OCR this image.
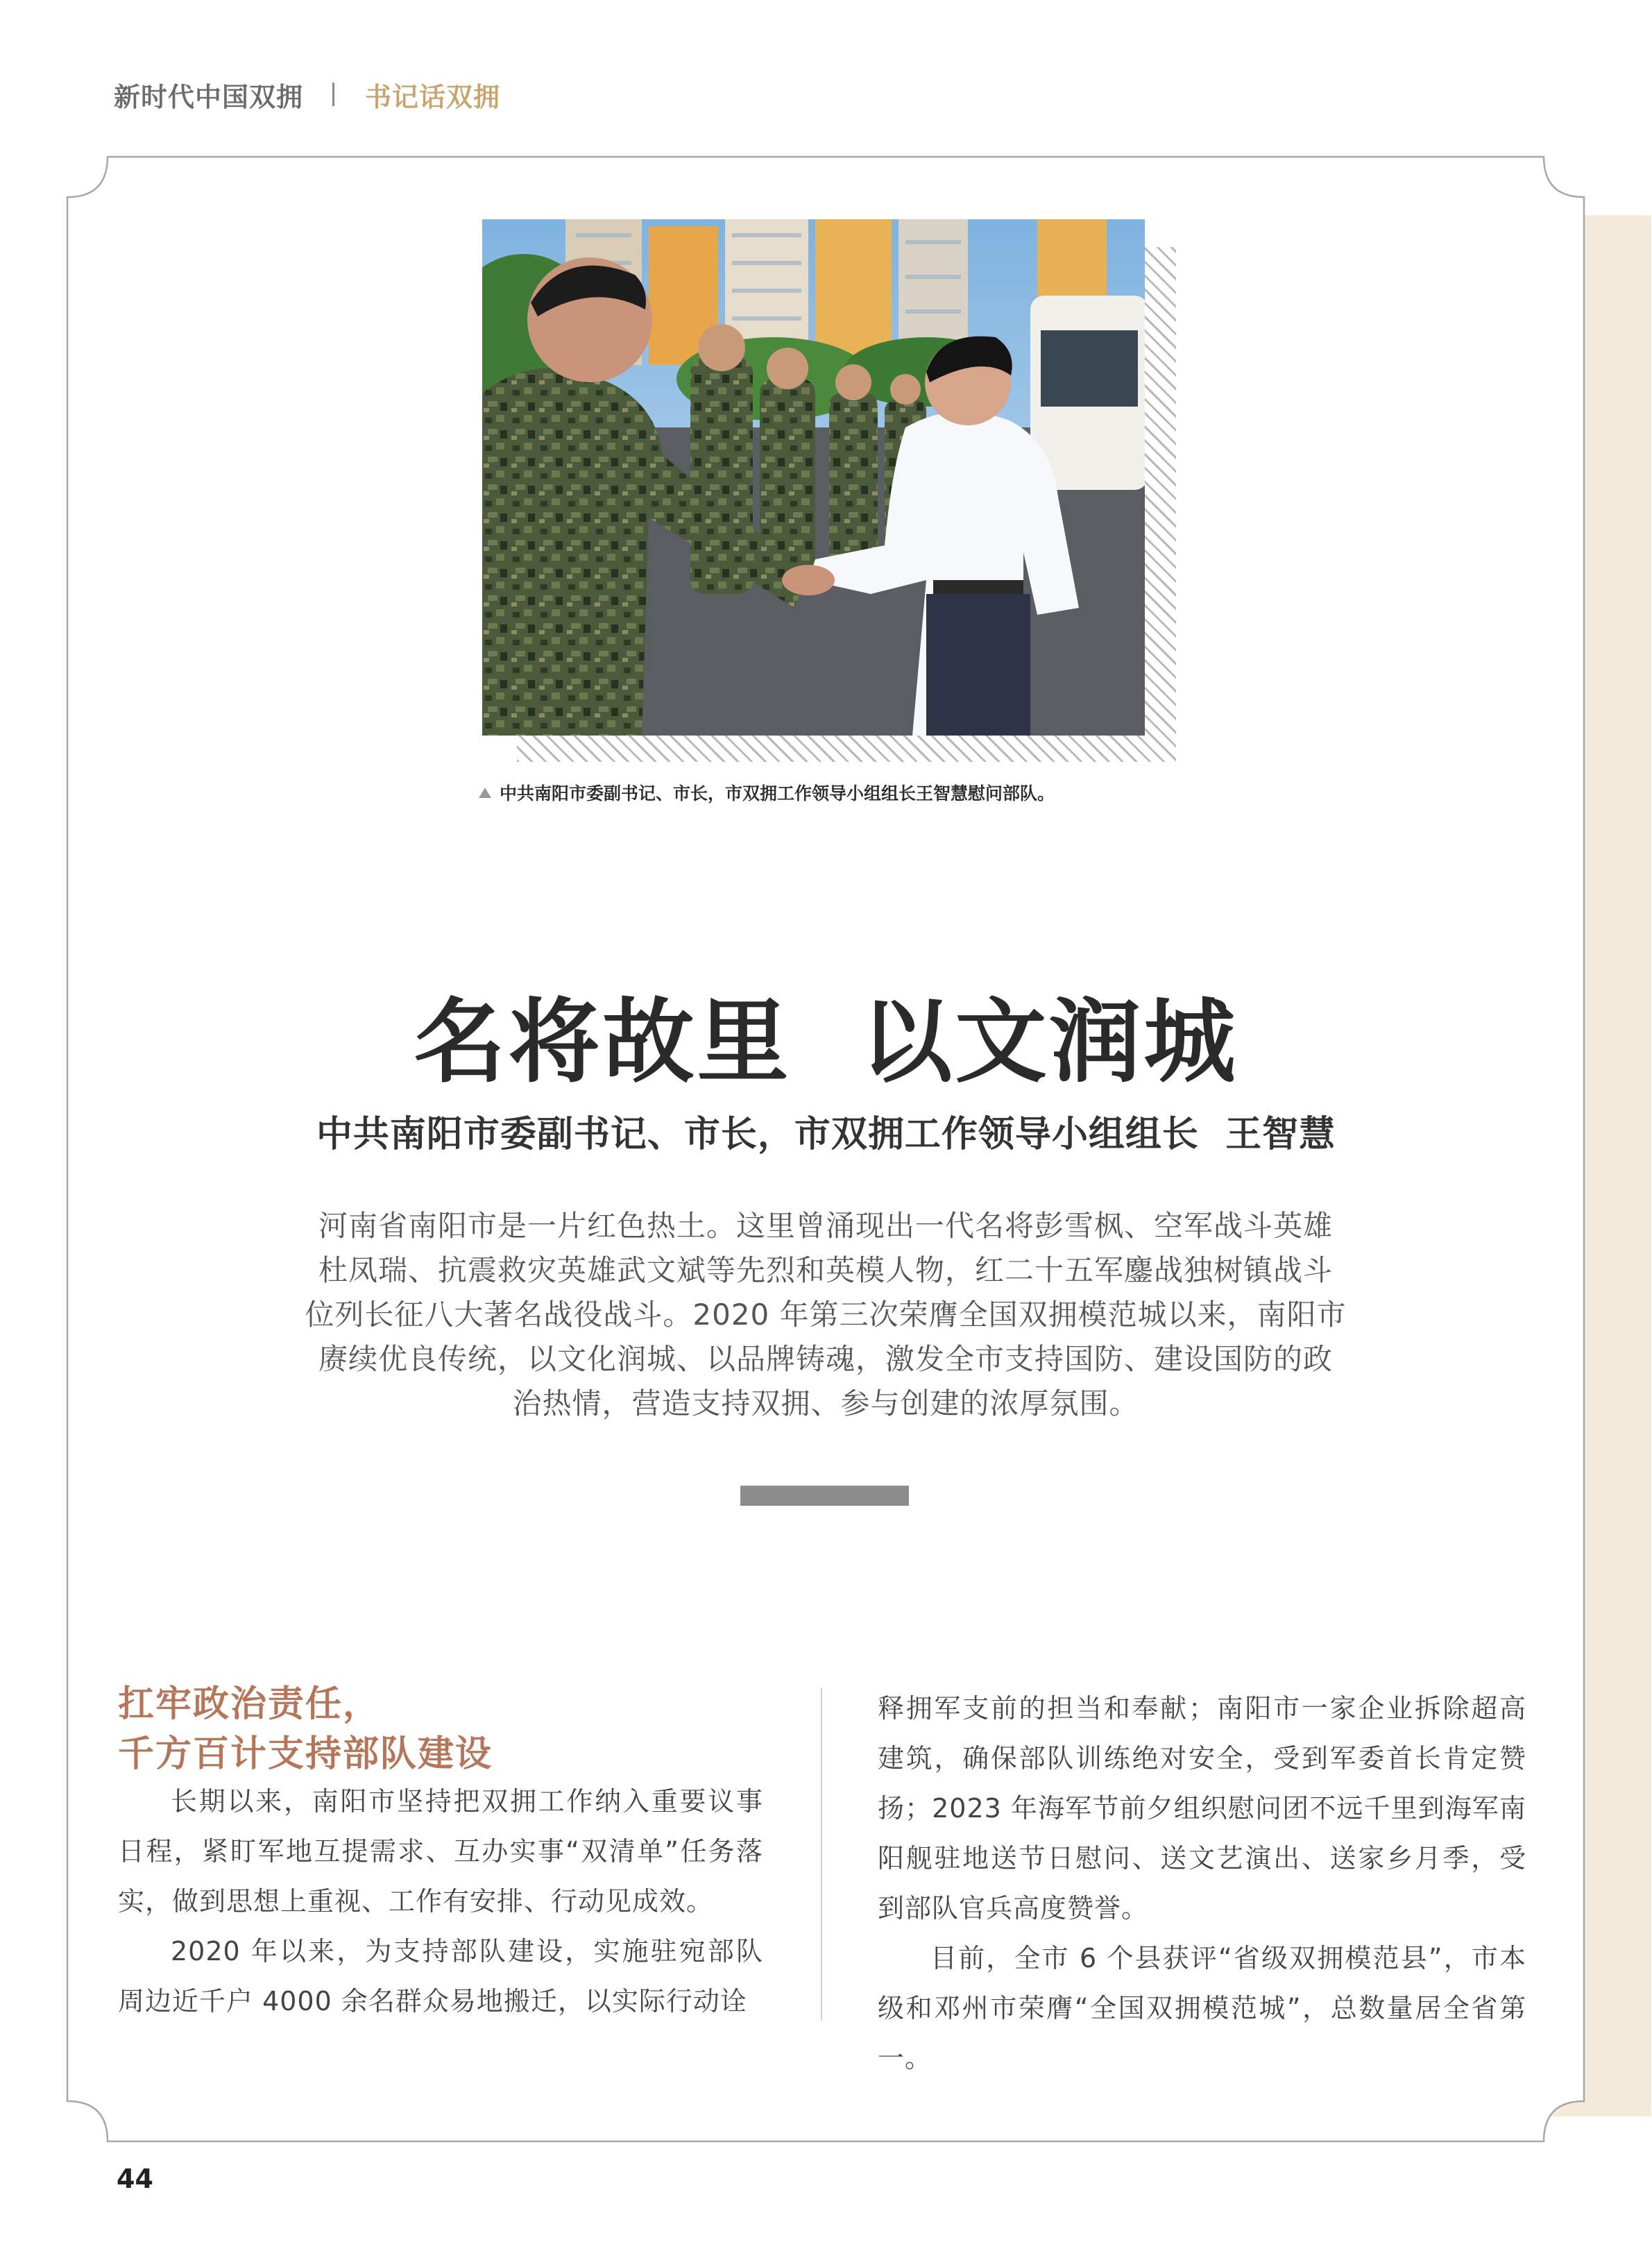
新时代中国双拥 书记话双拥
中共南阳市委副书记、市长，市双拥工作领导小组组长王智慧慰问部队。
名将故里  以文润城
中共南阳市委副书记、市长，市双拥工作领导小组组长  王智慧
河南省南阳市是一片红色热土。这里曾涌现出一代名将彭雪枫、空军战斗英雄
杜凤瑞、抗震救灾英雄武文斌等先烈和英模人物，红二十五军鏖战独树镇战斗
位列长征八大著名战役战斗。2020 年第三次荣膺全国双拥模范城以来，南阳市
赓续优良传统，以文化润城、以品牌铸魂，激发全市支持国防、建设国防的政
治热情，营造支持双拥、参与创建的浓厚氛围。
扛牢政治责任，
千方百计支持部队建设

长期以来，南阳市坚持把双拥工作纳入重要议事日程，紧盯军地互提需求、互办实事“双清单”任务落实，做到思想上重视、工作有安排、行动见成效。

2020 年以来，为支持部队建设，实施驻宛部队周边近千户 4000 余名群众易地搬迁，以实际行动诠

释拥军支前的担当和奉献；南阳市一家企业拆除超高建筑，确保部队训练绝对安全，受到军委首长肯定赞扬；2023 年海军节前夕组织慰问团不远千里到海军南阳舰驻地送节日慰问、送文艺演出、送家乡月季，受到部队官兵高度赞誉。

目前，全市 6 个县获评“省级双拥模范县”，市本级和邓州市荣膺“全国双拥模范城”，总数量居全省第一。

44
